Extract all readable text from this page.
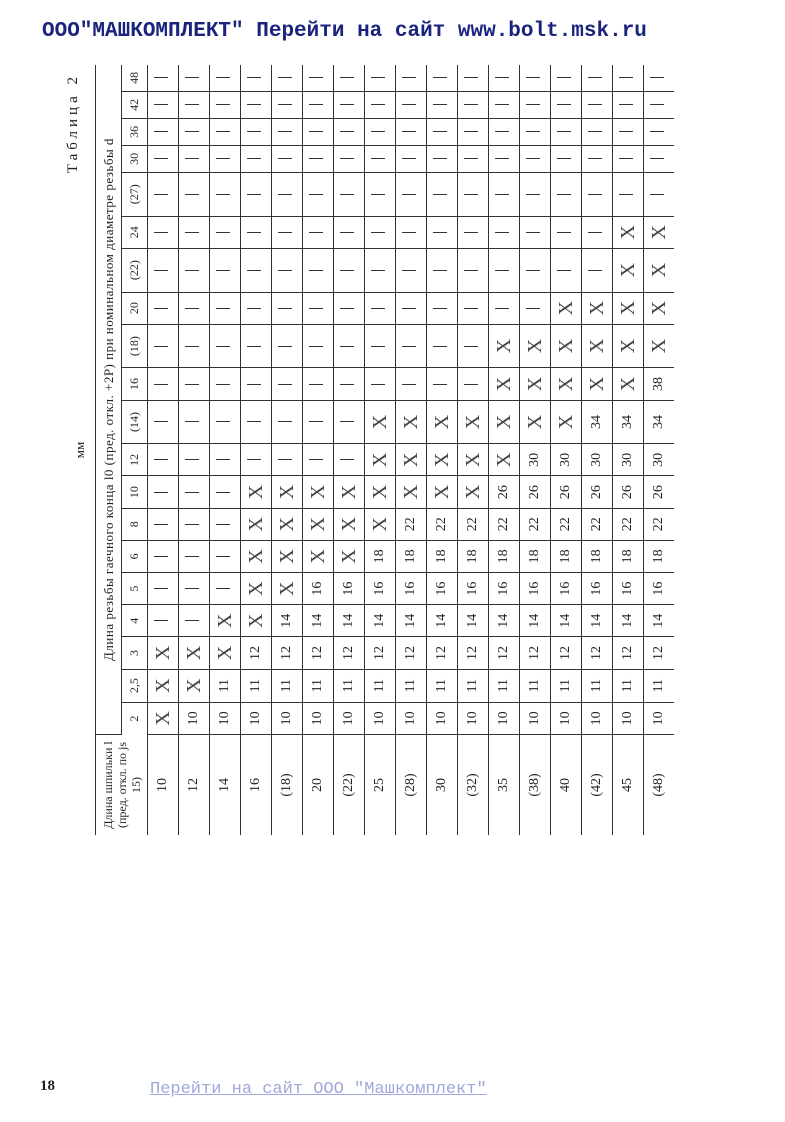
ООО"МАШКОМПЛЕКТ" Перейти на сайт www.bolt.msk.ru
мм
Таблица 2
Длина шпильки l (пред. откл. по js 15)	Длина резьбы гаечного конца l0 (пред. откл. +2P) при номинальном диаметре резьбы d																			
	2	2,5	3	4	5	6	8	10	12	(14)	16	(18)	20	(22)	24	(27)	30	36	42	48
10	X	X	X																	
12	10	X	X																	
14	10	11	X	X																
16	10	11	12	X	X	X	X	X												
(18)	10	11	12	14	X	X	X	X												
20	10	11	12	14	16	X	X	X												
(22)	10	11	12	14	16	X	X	X												
25	10	11	12	14	16	18	X	X	X	X										
(28)	10	11	12	14	16	18	22	X	X	X										
30	10	11	12	14	16	18	22	X	X	X										
(32)	10	11	12	14	16	18	22	X	X	X										
35	10	11	12	14	16	18	22	26	X	X	X	X								
(38)	10	11	12	14	16	18	22	26	30	X	X	X								
40	10	11	12	14	16	18	22	26	30	X	X	X	X							
(42)	10	11	12	14	16	18	22	26	30	34	X	X	X							
45	10	11	12	14	16	18	22	26	30	34	X	X	X	X	X					
(48)	10	11	12	14	16	18	22	26	30	34	38	X	X	X	X					
18	Перейти на сайт ООО "Машкомплект"
